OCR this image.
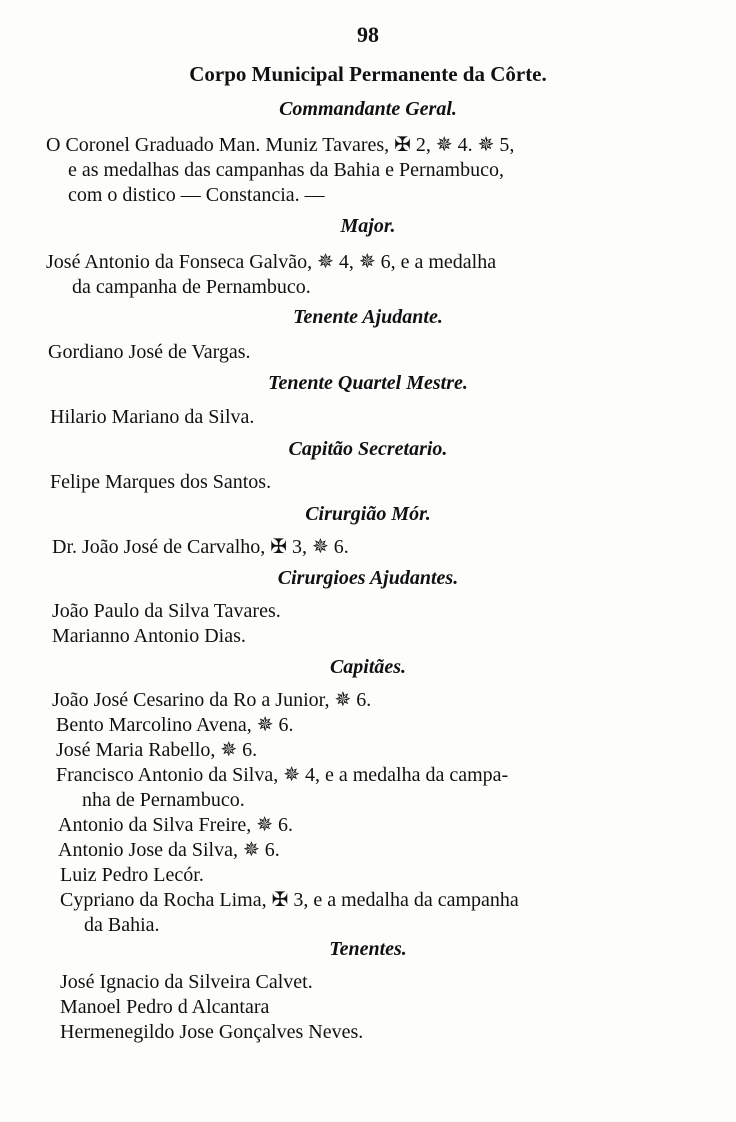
98
Corpo Municipal Permanente da Côrte.
Commandante Geral.
O Coronel Graduado Man. Muniz Tavares, ✠ 2, ✵ 4. ✵ 5,
e as medalhas das campanhas da Bahia e Pernambuco,
com o distico — Constancia. —
Major.
José Antonio da Fonseca Galvão, ✵ 4, ✵ 6, e a medalha
da campanha de Pernambuco.
Tenente Ajudante.
Gordiano José de Vargas.
Tenente Quartel Mestre.
Hilario Mariano da Silva.
Capitão Secretario.
Felipe Marques dos Santos.
Cirurgião Mór.
Dr. João José de Carvalho, ✠ 3, ✵ 6.
Cirurgioes Ajudantes.
João Paulo da Silva Tavares.
Marianno Antonio Dias.
Capitães.
João José Cesarino da Ro a Junior, ✵ 6.
Bento Marcolino Avena, ✵ 6.
José Maria Rabello, ✵ 6.
Francisco Antonio da Silva, ✵ 4, e a medalha da campa-
nha de Pernambuco.
Antonio da Silva Freire, ✵ 6.
Antonio Jose da Silva, ✵ 6.
Luiz Pedro Lecór.
Cypriano da Rocha Lima, ✠ 3, e a medalha da campanha
da Bahia.
Tenentes.
José Ignacio da Silveira Calvet.
Manoel Pedro d Alcantara
Hermenegildo Jose Gonçalves Neves.
